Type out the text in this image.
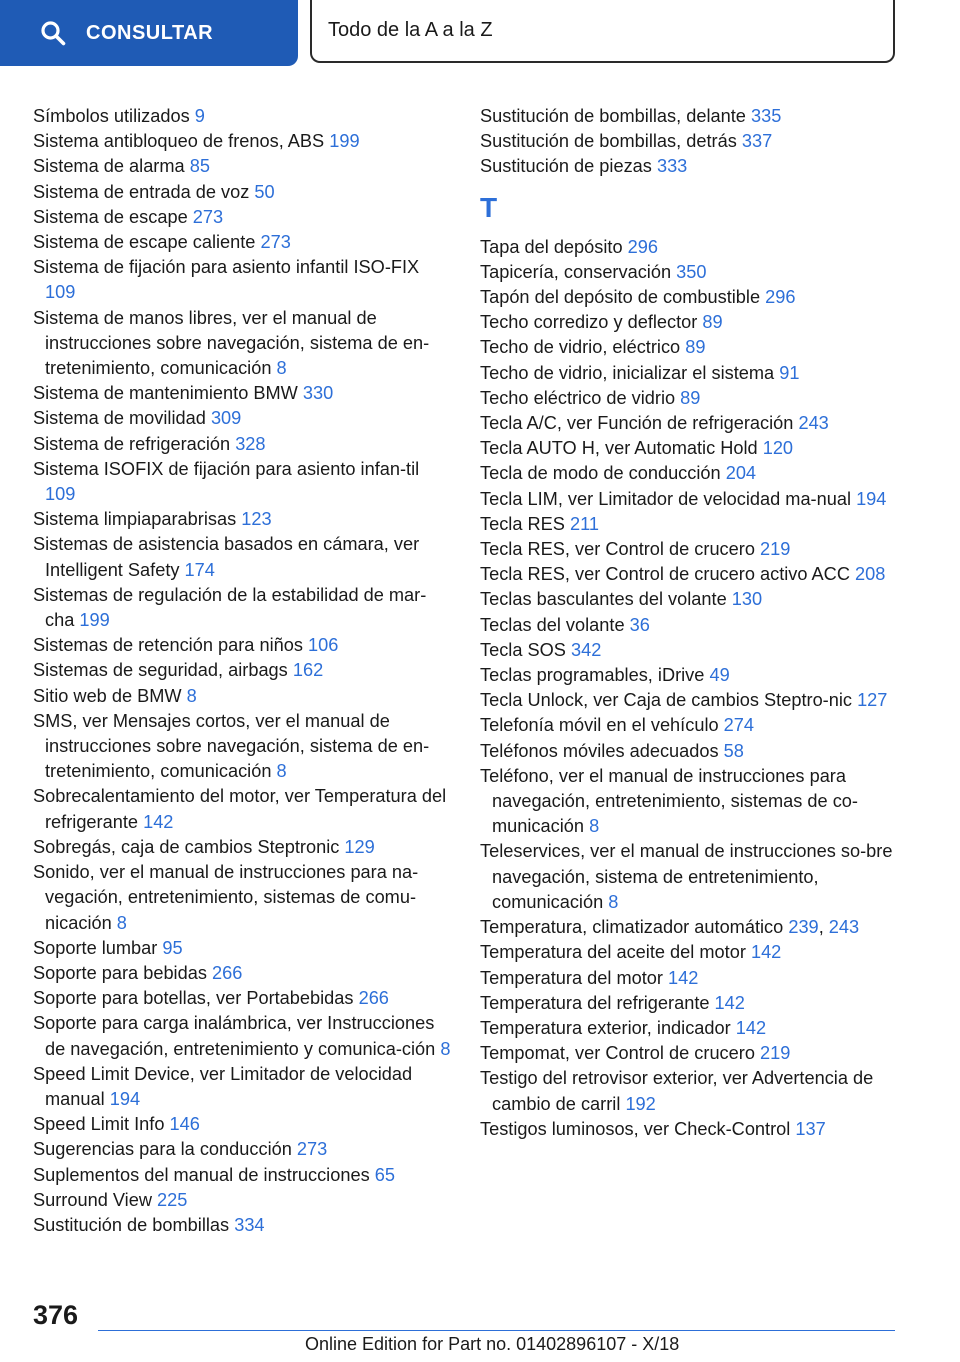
CONSULTAR	Todo de la A a la Z
Símbolos utilizados 9
Sistema antibloqueo de frenos, ABS 199
Sistema de alarma 85
Sistema de entrada de voz 50
Sistema de escape 273
Sistema de escape caliente 273
Sistema de fijación para asiento infantil ISO-FIX 109
Sistema de manos libres, ver el manual de instrucciones sobre navegación, sistema de en-tretenimiento, comunicación 8
Sistema de mantenimiento BMW 330
Sistema de movilidad 309
Sistema de refrigeración 328
Sistema ISOFIX de fijación para asiento infan-til 109
Sistema limpiaparabrisas 123
Sistemas de asistencia basados en cámara, ver Intelligent Safety 174
Sistemas de regulación de la estabilidad de mar-cha 199
Sistemas de retención para niños 106
Sistemas de seguridad, airbags 162
Sitio web de BMW 8
SMS, ver Mensajes cortos, ver el manual de instrucciones sobre navegación, sistema de en-tretenimiento, comunicación 8
Sobrecalentamiento del motor, ver Temperatura del refrigerante 142
Sobregás, caja de cambios Steptronic 129
Sonido, ver el manual de instrucciones para na-vegación, entretenimiento, sistemas de comu-nicación 8
Soporte lumbar 95
Soporte para bebidas 266
Soporte para botellas, ver Portabebidas 266
Soporte para carga inalámbrica, ver Instrucciones de navegación, entretenimiento y comunica-ción 8
Speed Limit Device, ver Limitador de velocidad manual 194
Speed Limit Info 146
Sugerencias para la conducción 273
Suplementos del manual de instrucciones 65
Surround View 225
Sustitución de bombillas 334
Sustitución de bombillas, delante 335
Sustitución de bombillas, detrás 337
Sustitución de piezas 333
T
Tapa del depósito 296
Tapicería, conservación 350
Tapón del depósito de combustible 296
Techo corredizo y deflector 89
Techo de vidrio, eléctrico 89
Techo de vidrio, inicializar el sistema 91
Techo eléctrico de vidrio 89
Tecla A/C, ver Función de refrigeración 243
Tecla AUTO H, ver Automatic Hold 120
Tecla de modo de conducción 204
Tecla LIM, ver Limitador de velocidad ma-nual 194
Tecla RES 211
Tecla RES, ver Control de crucero 219
Tecla RES, ver Control de crucero activo ACC 208
Teclas basculantes del volante 130
Teclas del volante 36
Tecla SOS 342
Teclas programables, iDrive 49
Tecla Unlock, ver Caja de cambios Steptro-nic 127
Telefonía móvil en el vehículo 274
Teléfonos móviles adecuados 58
Teléfono, ver el manual de instrucciones para navegación, entretenimiento, sistemas de co-municación 8
Teleservices, ver el manual de instrucciones so-bre navegación, sistema de entretenimiento, comunicación 8
Temperatura, climatizador automático 239, 243
Temperatura del aceite del motor 142
Temperatura del motor 142
Temperatura del refrigerante 142
Temperatura exterior, indicador 142
Tempomat, ver Control de crucero 219
Testigo del retrovisor exterior, ver Advertencia de cambio de carril 192
Testigos luminosos, ver Check-Control 137
376
Online Edition for Part no. 01402896107 - X/18
